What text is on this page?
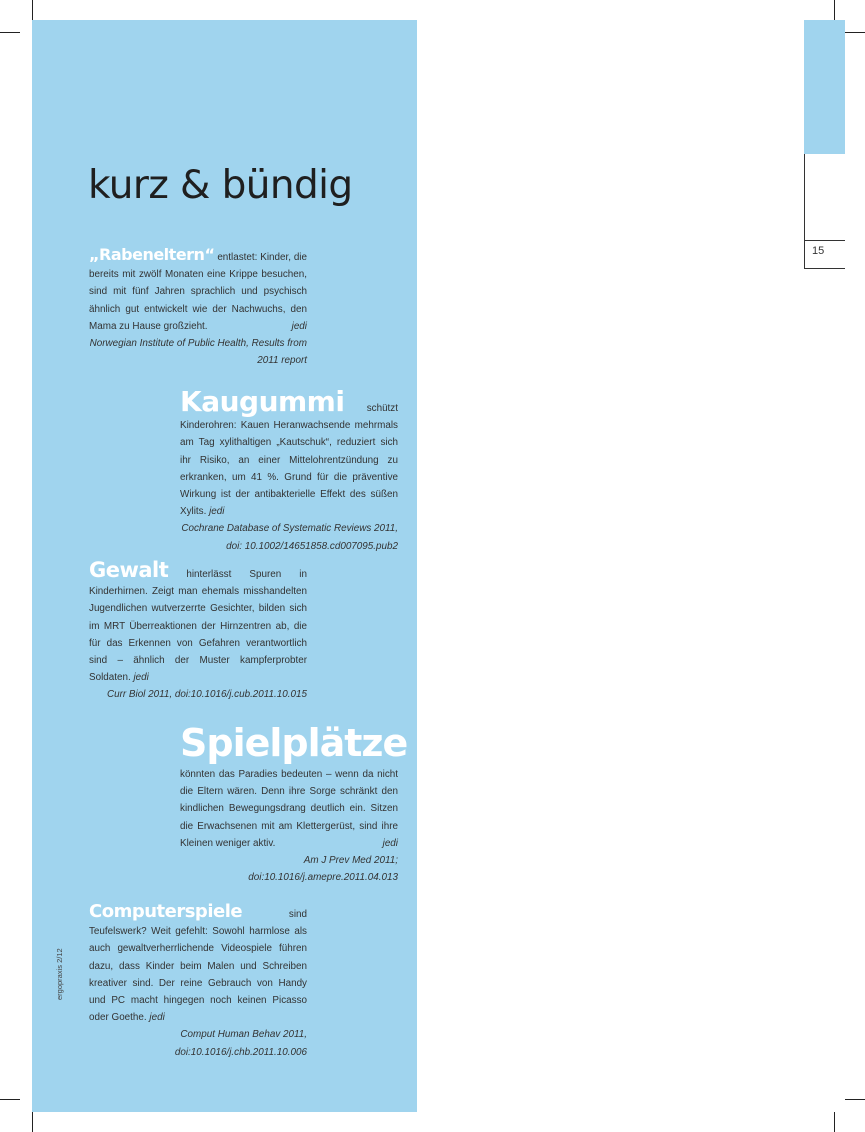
15
kurz & bündig
„Rabeneltern“ entlastet: Kinder, die bereits mit zwölf Monaten eine Krippe besuchen, sind mit fünf Jahren sprachlich und psychisch ähnlich gut entwickelt wie der Nachwuchs, den Mama zu Hause großzieht.	jedi
Norwegian Institute of Public Health, Results from 2011 report
Kaugummi schützt Kinderohren: Kauen Heranwachsende mehrmals am Tag xylithaltigen „Kautschuk“, reduziert sich ihr Risiko, an einer Mittelohrentzündung zu erkranken, um 41 %. Grund für die präventive Wirkung ist der antibakterielle Effekt des süßen Xylits. jedi
Cochrane Database of Systematic Reviews 2011, doi: 10.1002/14651858.cd007095.pub2
Gewalt hinterlässt Spuren in Kinderhirnen. Zeigt man ehemals misshandelten Jugendlichen wutverzerrte Gesichter, bilden sich im MRT Überreaktionen der Hirnzentren ab, die für das Erkennen von Gefahren verantwortlich sind – ähnlich der Muster kampferprobter Soldaten. jedi
Curr Biol 2011, doi:10.1016/j.cub.2011.10.015
Spielplätze
könnten das Paradies bedeuten – wenn da nicht die Eltern wären. Denn ihre Sorge schränkt den kindlichen Bewegungsdrang deutlich ein. Sitzen die Erwachsenen mit am Klettergerüst, sind ihre Kleinen weniger aktiv.	jedi
Am J Prev Med 2011; doi:10.1016/j.amepre.2011.04.013
Computerspiele	sind Teufelswerk? Weit gefehlt: Sowohl harmlose als auch gewaltverherrlichende Videospiele führen dazu, dass Kinder beim Malen und Schreiben kreativer sind. Der reine Gebrauch von Handy und PC macht hingegen noch keinen Picasso oder Goethe. jedi
Comput Human Behav 2011, doi:10.1016/j.chb.2011.10.006
ergopraxis 2/12
